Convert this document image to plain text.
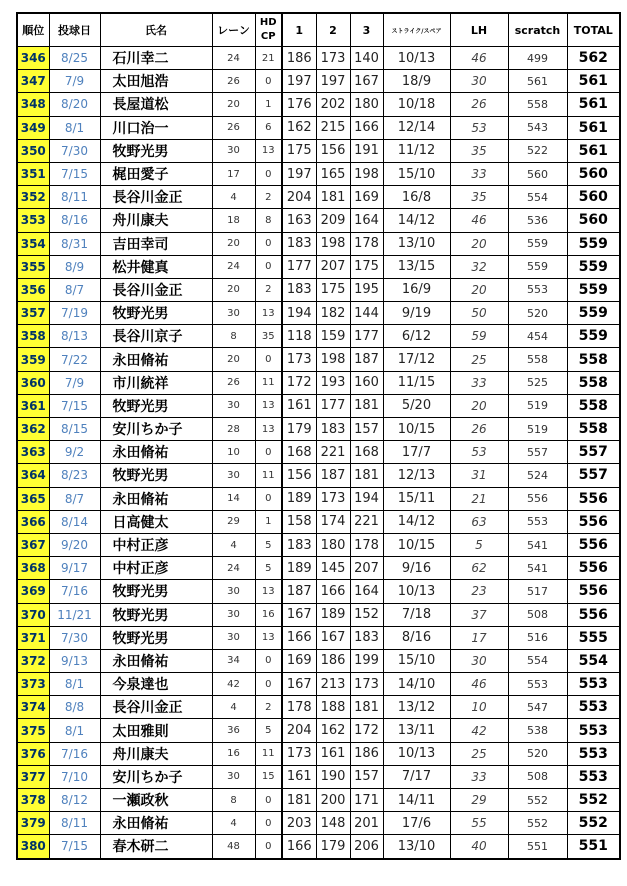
順位	投球日	氏名	レーン	HD CP	1	2	3	ストライク/スペア	LH	scratch	TOTAL
346	8/25	石川幸二	24	21	186	173	140	10/13	46	499	562
347	7/9	太田旭浩	26	0	197	197	167	18/9	30	561	561
348	8/20	長屋道松	20	1	176	202	180	10/18	26	558	561
349	8/1	川口治一	26	6	162	215	166	12/14	53	543	561
350	7/30	牧野光男	30	13	175	156	191	11/12	35	522	561
351	7/15	梶田愛子	17	0	197	165	198	15/10	33	560	560
352	8/11	長谷川金正	4	2	204	181	169	16/8	35	554	560
353	8/16	舟川康夫	18	8	163	209	164	14/12	46	536	560
354	8/31	吉田幸司	20	0	183	198	178	13/10	20	559	559
355	8/9	松井健真	24	0	177	207	175	13/15	32	559	559
356	8/7	長谷川金正	20	2	183	175	195	16/9	20	553	559
357	7/19	牧野光男	30	13	194	182	144	9/19	50	520	559
358	8/13	長谷川京子	8	35	118	159	177	6/12	59	454	559
359	7/22	永田脩祐	20	0	173	198	187	17/12	25	558	558
360	7/9	市川統祥	26	11	172	193	160	11/15	33	525	558
361	7/15	牧野光男	30	13	161	177	181	5/20	20	519	558
362	8/15	安川ちか子	28	13	179	183	157	10/15	26	519	558
363	9/2	永田脩祐	10	0	168	221	168	17/7	53	557	557
364	8/23	牧野光男	30	11	156	187	181	12/13	31	524	557
365	8/7	永田脩祐	14	0	189	173	194	15/11	21	556	556
366	8/14	日高健太	29	1	158	174	221	14/12	63	553	556
367	9/20	中村正彦	4	5	183	180	178	10/15	5	541	556
368	9/17	中村正彦	24	5	189	145	207	9/16	62	541	556
369	7/16	牧野光男	30	13	187	166	164	10/13	23	517	556
370	11/21	牧野光男	30	16	167	189	152	7/18	37	508	556
371	7/30	牧野光男	30	13	166	167	183	8/16	17	516	555
372	9/13	永田脩祐	34	0	169	186	199	15/10	30	554	554
373	8/1	今泉達也	42	0	167	213	173	14/10	46	553	553
374	8/8	長谷川金正	4	2	178	188	181	13/12	10	547	553
375	8/1	太田雅則	36	5	204	162	172	13/11	42	538	553
376	7/16	舟川康夫	16	11	173	161	186	10/13	25	520	553
377	7/10	安川ちか子	30	15	161	190	157	7/17	33	508	553
378	8/12	一瀬政秋	8	0	181	200	171	14/11	29	552	552
379	8/11	永田脩祐	4	0	203	148	201	17/6	55	552	552
380	7/15	春木研二	48	0	166	179	206	13/10	40	551	551
